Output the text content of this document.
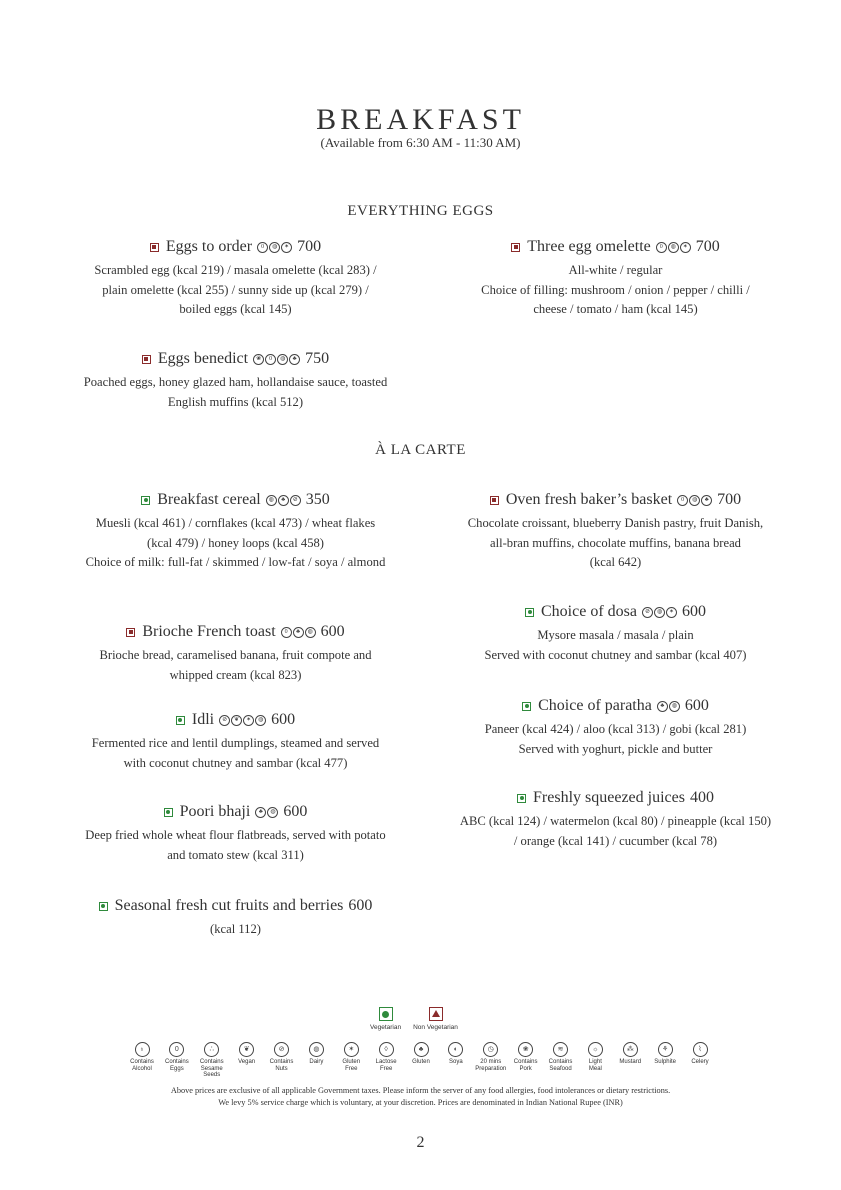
BREAKFAST
(Available from 6:30 AM - 11:30 AM)
EVERYTHING EGGS
À LA CARTE
Eggs to order	0	◍	✶ 700
Scrambled egg (kcal 219) / masala omelette (kcal 283) /
plain omelette (kcal 255) / sunny side up (kcal 279) /
boiled eggs (kcal 145)
Three egg omelette	0	◍	✶ 700
All-white / regular
Choice of filling: mushroom / onion / pepper / chilli /
cheese / tomato / ham (kcal 145)
Eggs benedict	❀	0	◍	♣ 750
Poached eggs, honey glazed ham, hollandaise sauce, toasted
English muffins (kcal 512)
Breakfast cereal	◍	♣	⊘ 350
Muesli (kcal 461) / cornflakes (kcal 473) / wheat flakes
(kcal 479) / honey loops (kcal 458)
Choice of milk: full-fat / skimmed / low-fat / soya / almond
Oven fresh baker’s basket	0	◍	♣ 700
Chocolate croissant, blueberry Danish pastry, fruit Danish,
all-bran muffins, chocolate muffins, banana bread
(kcal 642)
Choice of dosa	⊘	◍	✶ 600
Mysore masala / masala / plain
Served with coconut chutney and sambar (kcal 407)
Brioche French toast	0	♣	◍ 600
Brioche bread, caramelised banana, fruit compote and
whipped cream (kcal 823)
Choice of paratha	♣	◍ 600
Paneer (kcal 424) / aloo (kcal 313) / gobi (kcal 281)
Served with yoghurt, pickle and butter
Idli	⊘	❦	✶	◍ 600
Fermented rice and lentil dumplings, steamed and served
with coconut chutney and sambar (kcal 477)
Freshly squeezed juices 400
ABC (kcal 124) / watermelon (kcal 80) / pineapple (kcal 150)
/ orange (kcal 141) / cucumber (kcal 78)
Poori bhaji	♣	◍ 600
Deep fried whole wheat flour flatbreads, served with potato
and tomato stew (kcal 311)
Seasonal fresh cut fruits and berries 600
(kcal 112)
Vegetarian Non Vegetarian
♁
Contains
Alcohol
0
Contains
Eggs
∴
Contains
Sesame Seeds
❦
Vegan
⊘
Contains
Nuts
◍
Dairy
✶
Gluten
Free
◊
Lactose
Free
♣
Gluten
◐
Soya
◷
20 mins
Preparation
❀
Contains
Pork
≋
Contains
Seafood
☼
Light
Meal
⁂
Mustard
⚘
Sulphite
⌇
Celery
Above prices are exclusive of all applicable Government taxes. Please inform the server of any food allergies, food intolerances or dietary restrictions.
We levy 5% service charge which is voluntary, at your discretion. Prices are denominated in Indian National Rupee (INR)
2
